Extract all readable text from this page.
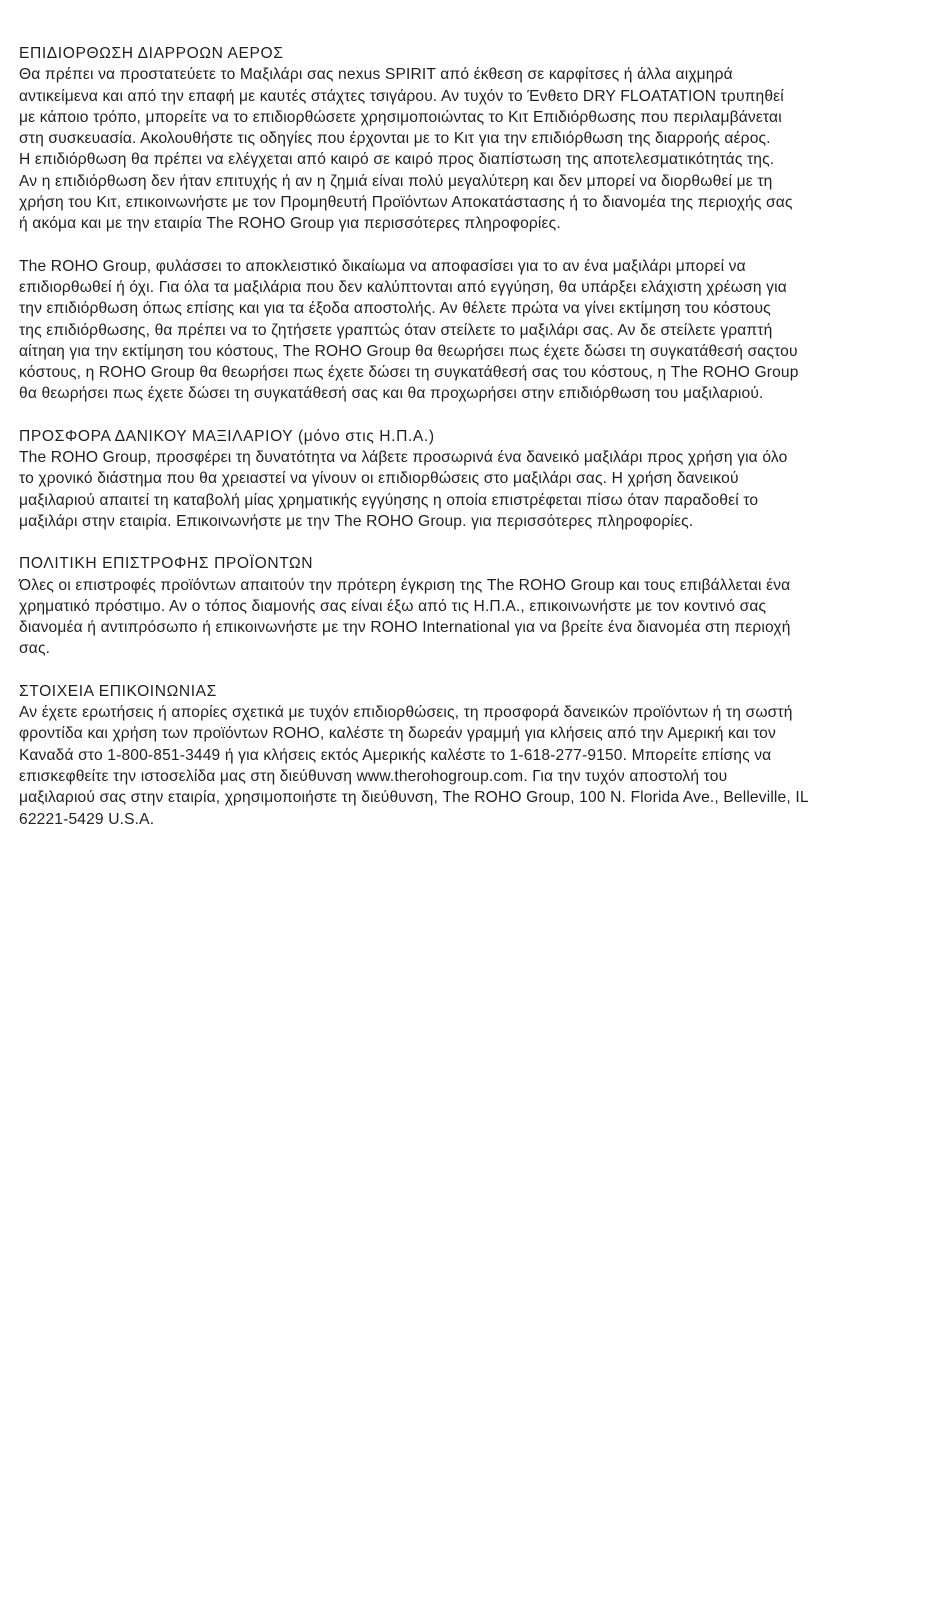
ΕΠΙΔΙΟΡΘΩΣΗ ΔΙΑΡΡΟΩΝ ΑΕΡΟΣ
Θα πρέπει να προστατεύετε το Μαξιλάρι σας nexus SPIRIT από έκθεση σε καρφίτσες ή άλλα αιχμηρά
αντικείμενα και από την επαφή με καυτές στάχτες τσιγάρου. Αν τυχόν το Ένθετο DRY FLOATATION τρυπηθεί
με κάποιο τρόπο, μπορείτε να το επιδιορθώσετε χρησιμοποιώντας το Κιτ Επιδιόρθωσης που περιλαμβάνεται
στη συσκευασία. Ακολουθήστε τις οδηγίες που έρχονται με το Κιτ για την επιδιόρθωση της διαρροής αέρος.
Η επιδιόρθωση θα πρέπει να ελέγχεται από καιρό σε καιρό προς διαπίστωση της αποτελεσματικότητάς της.
Αν η επιδιόρθωση δεν ήταν επιτυχής ή αν η ζημιά είναι πολύ μεγαλύτερη και δεν μπορεί να διορθωθεί με τη
χρήση του Κιτ, επικοινωνήστε με τον Προμηθευτή Προϊόντων Αποκατάστασης ή το διανομέα της περιοχής σας
ή ακόμα και με την εταιρία The ROHO Group για περισσότερες πληροφορίες.
The ROHO Group, φυλάσσει το αποκλειστικό δικαίωμα να αποφασίσει για το αν ένα μαξιλάρι μπορεί να
επιδιορθωθεί ή όχι. Για όλα τα μαξιλάρια που δεν καλύπτονται από εγγύηση, θα υπάρξει ελάχιστη χρέωση για
την επιδιόρθωση όπως επίσης και για τα έξοδα αποστολής. Αν θέλετε πρώτα να γίνει εκτίμηση του κόστους
της επιδιόρθωσης, θα πρέπει να το ζητήσετε γραπτώς όταν στείλετε το μαξιλάρι σας. Αν δε στείλετε γραπτή
αίτηαη για την εκτίμηση του κόστους, The ROHO Group θα θεωρήσει πως έχετε δώσει τη συγκατάθεσή σαςτου
κόστους, η ROHO Group θα θεωρήσει πως έχετε δώσει τη συγκατάθεσή σας του κόστους, η The ROHO Group
θα θεωρήσει πως έχετε δώσει τη συγκατάθεσή σας και θα προχωρήσει στην επιδιόρθωση του μαξιλαριού.
ΠΡΟΣΦΟΡΑ ΔΑΝΙΚΟΥ ΜΑΞΙΛΑΡΙΟΥ (μόνο στις Η.Π.Α.)
The ROHO Group, προσφέρει τη δυνατότητα να λάβετε προσωρινά ένα δανεικό μαξιλάρι προς χρήση για όλο
το χρονικό διάστημα που θα χρειαστεί να γίνουν οι επιδιορθώσεις στο μαξιλάρι σας. Η χρήση δανεικού
μαξιλαριού απαιτεί τη καταβολή μίας χρηματικής εγγύησης η οποία επιστρέφεται πίσω όταν παραδοθεί το
μαξιλάρι στην εταιρία. Επικοινωνήστε με την The ROHO Group. για περισσότερες πληροφορίες.
ΠΟΛΙΤΙΚΗ ΕΠΙΣΤΡΟΦΗΣ ΠΡΟΪΟΝΤΩΝ
Όλες οι επιστροφές προϊόντων απαιτούν την πρότερη έγκριση της The ROHO Group και τους επιβάλλεται ένα
χρηματικό πρόστιμο. Αν ο τόπος διαμονής σας είναι έξω από τις Η.Π.Α., επικοινωνήστε με τον κοντινό σας
διανομέα ή αντιπρόσωπο ή επικοινωνήστε με την ROHO International για να βρείτε ένα διανομέα στη περιοχή
σας.
ΣΤΟΙΧΕΙΑ ΕΠΙΚΟΙΝΩΝΙΑΣ
Αν έχετε ερωτήσεις ή απορίες σχετικά με τυχόν επιδιορθώσεις, τη προσφορά δανεικών προϊόντων ή τη σωστή
φροντίδα και χρήση των προϊόντων ROHO, καλέστε τη δωρεάν γραμμή για κλήσεις από την Αμερική και τον
Καναδά στο 1-800-851-3449 ή για κλήσεις εκτός Αμερικής καλέστε το 1-618-277-9150. Μπορείτε επίσης να
επισκεφθείτε την ιστοσελίδα μας στη διεύθυνση www.therohogroup.com. Για την τυχόν αποστολή του
μαξιλαριού σας στην εταιρία, χρησιμοποιήστε τη διεύθυνση, The ROHO Group, 100 N. Florida Ave., Belleville, IL
62221-5429 U.S.A.
